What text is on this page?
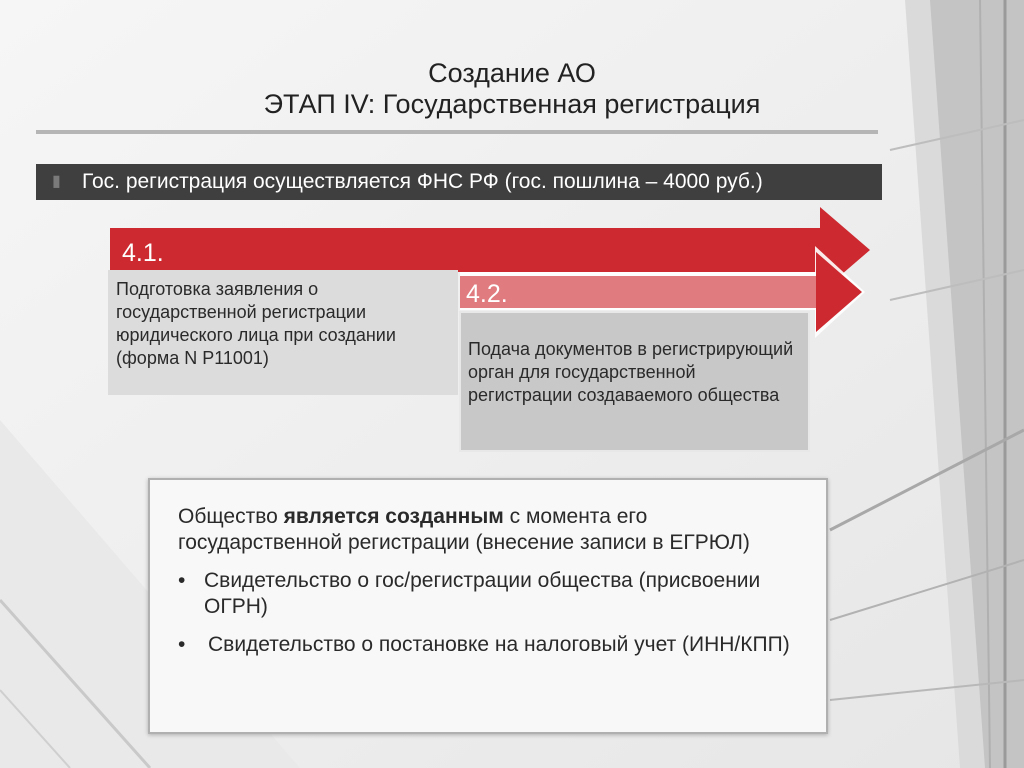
Создание АО
ЭТАП IV: Государственная регистрация
▮ Гос. регистрация осуществляется ФНС РФ (гос. пошлина – 4000 руб.)
4.1.
Подготовка заявления о государственной регистрации юридического лица при создании (форма N Р11001)
4.2.
Подача документов в регистрирующий орган для государственной регистрации создаваемого общества
Общество является созданным с момента его государственной регистрации (внесение записи в ЕГРЮЛ)
• Свидетельство о гос/регистрации общества (присвоении ОГРН)
•	Свидетельство о постановке на налоговый учет (ИНН/КПП)
